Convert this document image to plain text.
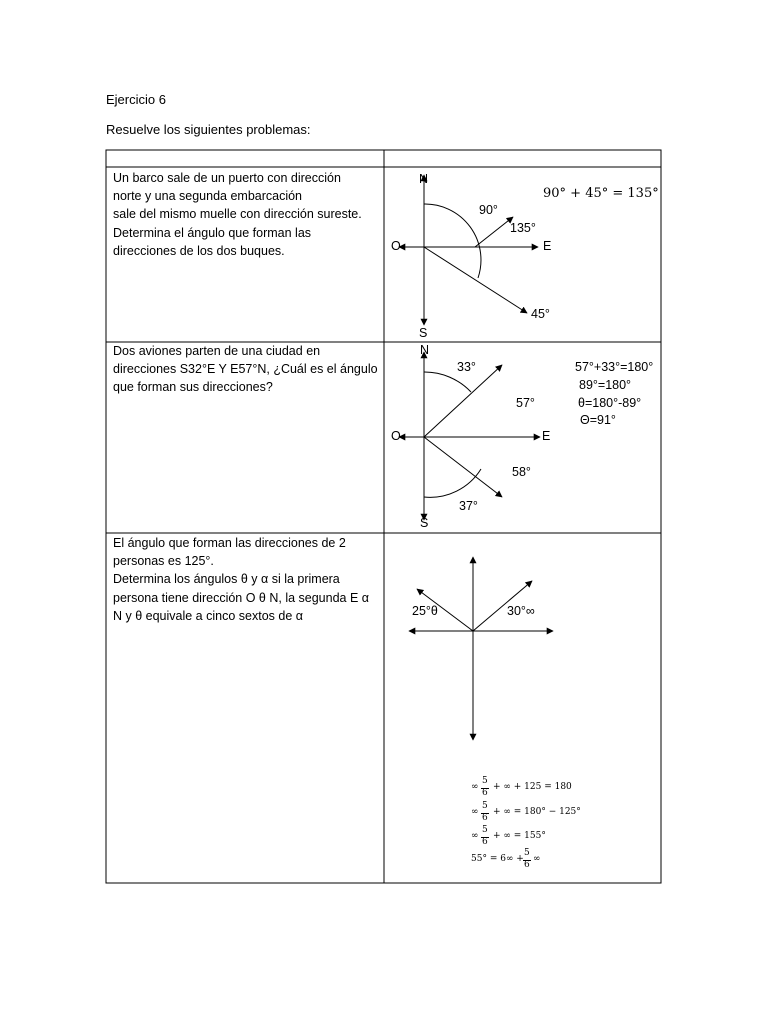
Ejercicio 6
Resuelve los siguientes problemas:
Un barco sale de un puerto con dirección
norte y una segunda embarcación
sale del mismo muelle con dirección sureste.
Determina el ángulo que forman las
direcciones de los dos buques.
N
S
E
O
90°
135°
45°
90° + 45° = 135°
Dos aviones parten de una ciudad en
direcciones S32°E Y E57°N, ¿Cuál es el ángulo
que forman sus direcciones?
N
S
E
O
33°
57°
58°
37°
57°+33°=180°
89°=180°
θ=180°-89°
Θ=91°
El ángulo que forman las direcciones de 2
personas es 125°.
Determina los ángulos θ y α si la primera
persona tiene dirección O θ N, la segunda E α
N y θ equivale a cinco sextos de α	25°θ	30°∞
∞
5
6
+ ∞ + 125 = 180
∞
5
6
+ ∞ = 180° − 125°
∞
5
6
+ ∞ = 155°
55° = 6∞ +
5
6
∞
